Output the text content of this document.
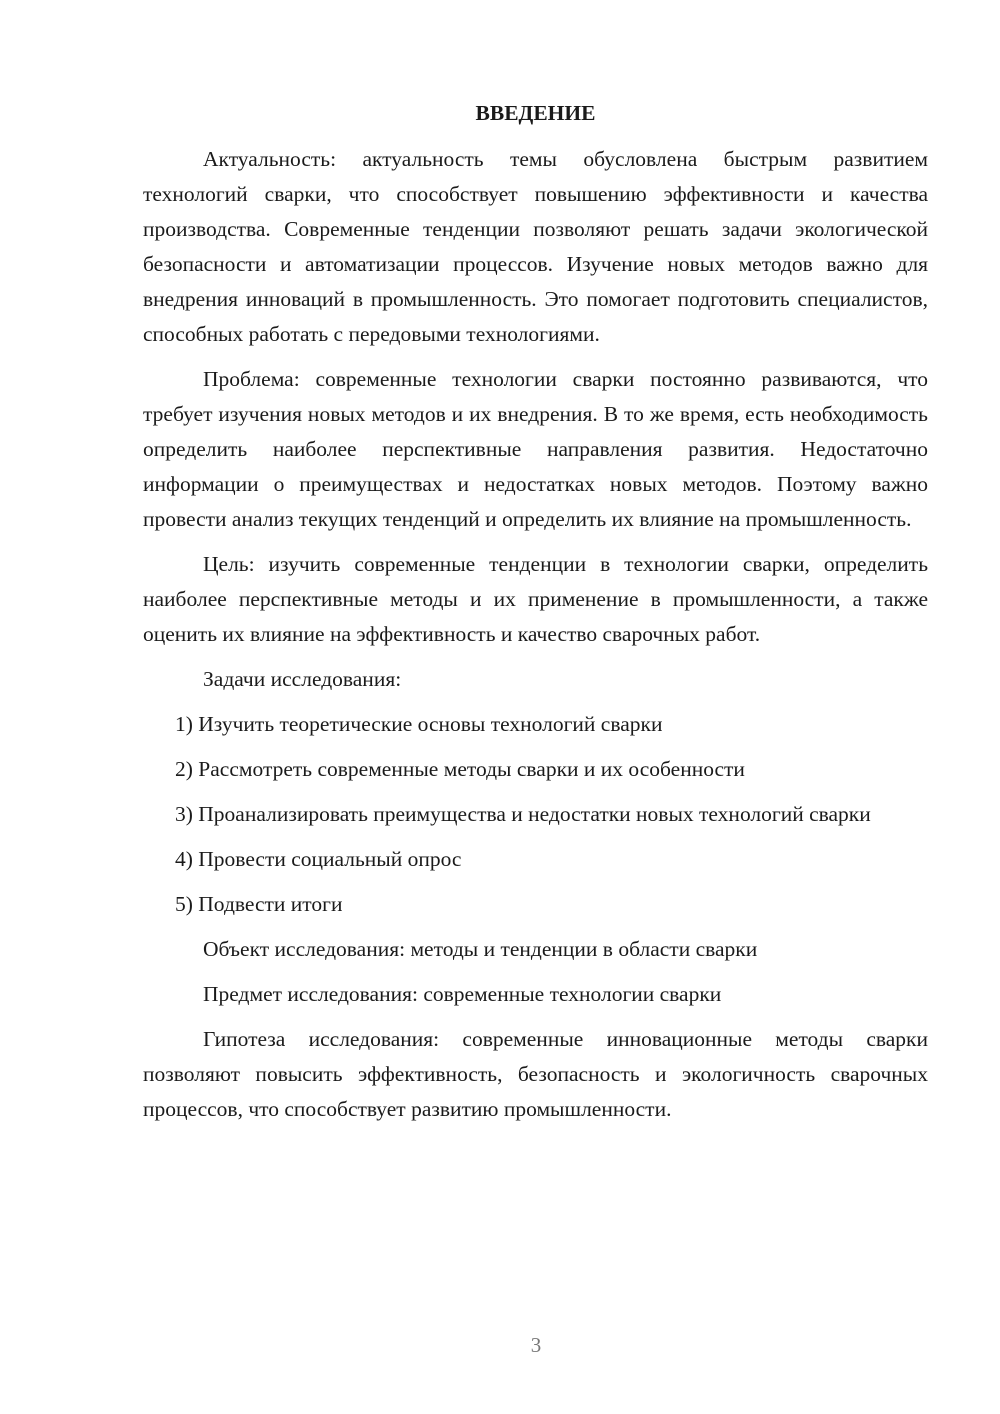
ВВЕДЕНИЕ

Актуальность: актуальность темы обусловлена быстрым развитием технологий сварки, что способствует повышению эффективности и качества производства. Современные тенденции позволяют решать задачи экологической безопасности и автоматизации процессов. Изучение новых методов важно для внедрения инноваций в промышленность. Это помогает подготовить специалистов, способных работать с передовыми технологиями.

Проблема: современные технологии сварки постоянно развиваются, что требует изучения новых методов и их внедрения. В то же время, есть необходимость определить наиболее перспективные направления развития. Недостаточно информации о преимуществах и недостатках новых методов. Поэтому важно провести анализ текущих тенденций и определить их влияние на промышленность.

Цель: изучить современные тенденции в технологии сварки, определить наиболее перспективные методы и их применение в промышленности, а также оценить их влияние на эффективность и качество сварочных работ.

Задачи исследования:

1) Изучить теоретические основы технологий сварки

2) Рассмотреть современные методы сварки и их особенности

3) Проанализировать преимущества и недостатки новых технологий сварки

4) Провести социальный опрос

5) Подвести итоги

Объект исследования: методы и тенденции в области сварки

Предмет исследования: современные технологии сварки

Гипотеза исследования: современные инновационные методы сварки позволяют повысить эффективность, безопасность и экологичность сварочных процессов, что способствует развитию промышленности.

3
